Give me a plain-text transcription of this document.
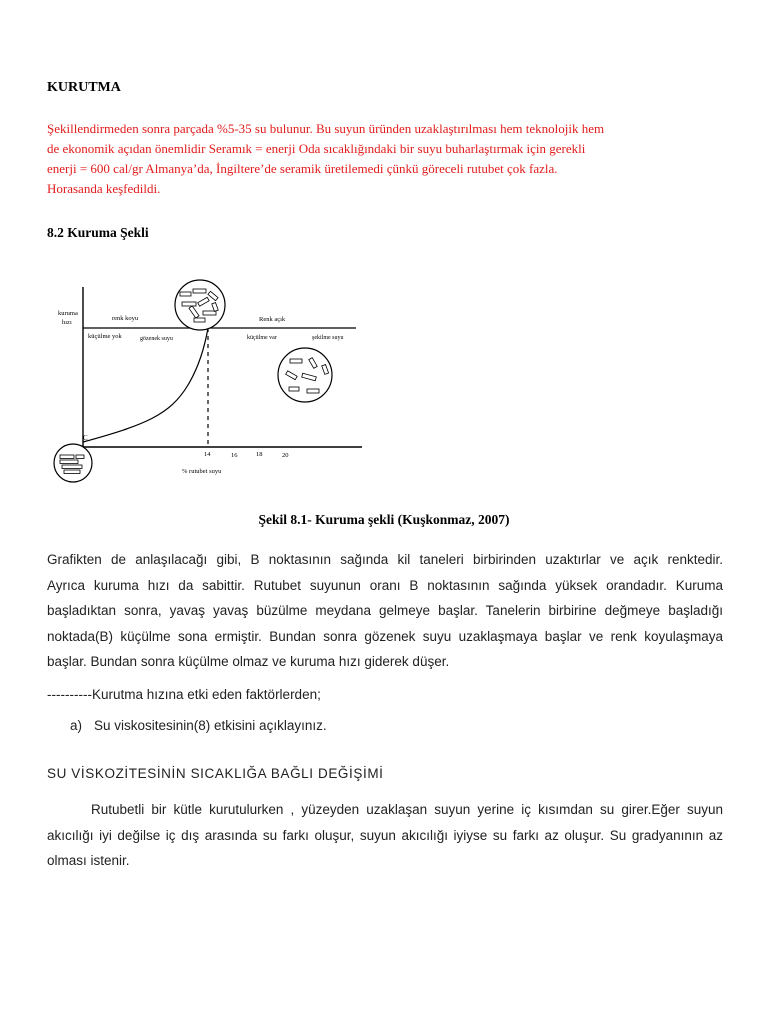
KURUTMA
Şekillendirmeden sonra parçada %5-35 su bulunur. Bu suyun üründen uzaklaştırılması hem teknolojik hem
de ekonomik açıdan önemlidir Seramık = enerji Oda sıcaklığındaki bir suyu buharlaştırmak için gerekli
enerji = 600 cal/gr Almanya’da, İngiltere’de seramik üretilemedi çünkü göreceli rutubet çok fazla.
Horasanda keşfedildi.
8.2 Kuruma Şekli
kuruma
hızı
renk koyu
küçülme yok	gözenek suyu
Renk açık
küçülme var	şekilme suyu
C
14	16	18	20
% rutubet suyu
Şekil 8.1- Kuruma şekli (Kuşkonmaz, 2007)
Grafikten de anlaşılacağı gibi, B noktasının sağında kil taneleri birbirinden uzaktırlar ve açık renktedir.
Ayrıca kuruma hızı da sabittir. Rutubet suyunun oranı B noktasının sağında yüksek orandadır. Kuruma
başladıktan sonra, yavaş yavaş büzülme meydana gelmeye başlar. Tanelerin birbirine değmeye başladığı
noktada(B) küçülme sona ermiştir. Bundan sonra gözenek suyu uzaklaşmaya başlar ve renk koyulaşmaya
başlar. Bundan sonra küçülme olmaz ve kuruma hızı giderek düşer.
----------Kurutma hızına etki eden faktörlerden;
a) Su viskositesinin(8) etkisini açıklayınız.
SU VİSKOZİTESİNİN SICAKLIĞA BAĞLI DEĞİŞİMİ
Rutubetli bir kütle kurutulurken , yüzeyden uzaklaşan suyun yerine iç kısımdan su girer.Eğer suyun
akıcılığı iyi değilse iç dış arasında su farkı oluşur, suyun akıcılığı iyiyse su farkı az oluşur. Su gradyanının az
olması istenir.
